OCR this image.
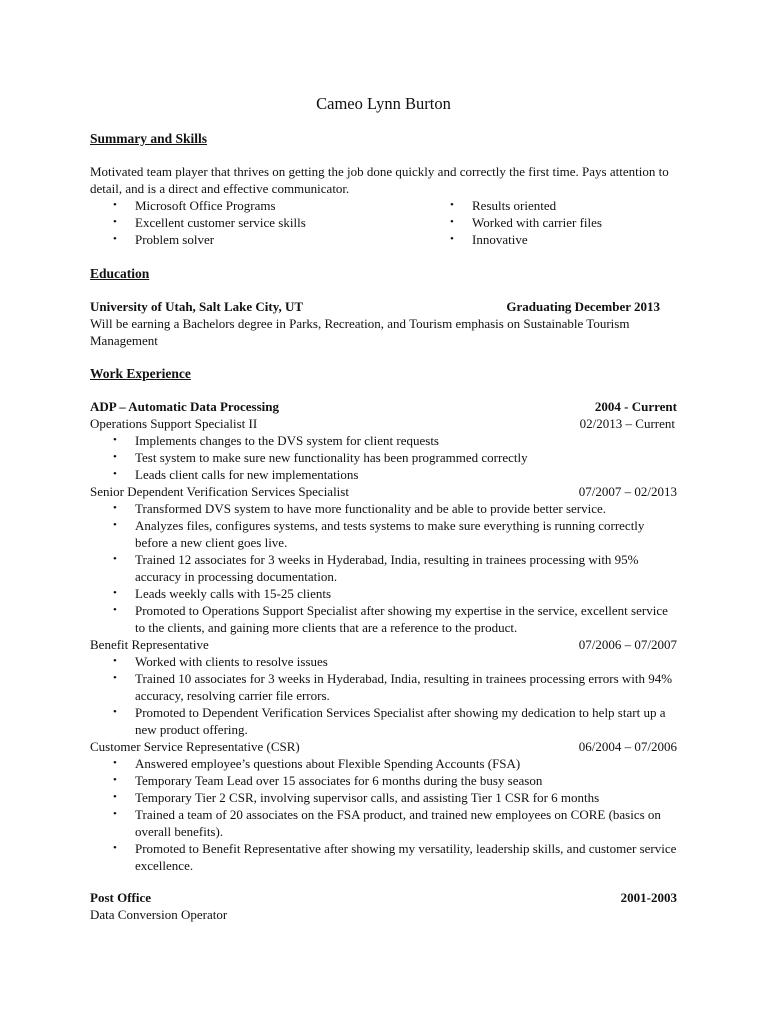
Cameo Lynn Burton
Summary and Skills

Motivated team player that thrives on getting the job done quickly and correctly the first time. Pays attention to detail, and is a direct and effective communicator.

• Microsoft Office Programs
• Excellent customer service skills
• Problem solver
• Results oriented
• Worked with carrier files
• Innovative
Education
University of Utah, Salt Lake City, UT	Graduating December 2013

Will be earning a Bachelors degree in Parks, Recreation, and Tourism emphasis on Sustainable Tourism Management

Work Experience
ADP – Automatic Data Processing	2004 - Current
Operations Support Specialist II	02/2013 – Current
• Implements changes to the DVS system for client requests
• Test system to make sure new functionality has been programmed correctly
• Leads client calls for new implementations
Senior Dependent Verification Services Specialist	07/2007 – 02/2013
• Transformed DVS system to have more functionality and be able to provide better service.
• Analyzes files, configures systems, and tests systems to make sure everything is running correctly before a new client goes live.
• Trained 12 associates for 3 weeks in Hyderabad, India, resulting in trainees processing with 95% accuracy in processing documentation.
• Leads weekly calls with 15-25 clients
• Promoted to Operations Support Specialist after showing my expertise in the service, excellent service to the clients, and gaining more clients that are a reference to the product.
Benefit Representative	07/2006 – 07/2007
• Worked with clients to resolve issues
• Trained 10 associates for 3 weeks in Hyderabad, India, resulting in trainees processing errors with 94% accuracy, resolving carrier file errors.
• Promoted to Dependent Verification Services Specialist after showing my dedication to help start up a new product offering.
Customer Service Representative (CSR)	06/2004 – 07/2006
• Answered employee’s questions about Flexible Spending Accounts (FSA)
• Temporary Team Lead over 15 associates for 6 months during the busy season
• Temporary Tier 2 CSR, involving supervisor calls, and assisting Tier 1 CSR for 6 months
• Trained a team of 20 associates on the FSA product, and trained new employees on CORE (basics on overall benefits).
• Promoted to Benefit Representative after showing my versatility, leadership skills, and customer service excellence.
Post Office	2001-2003
Data Conversion Operator
